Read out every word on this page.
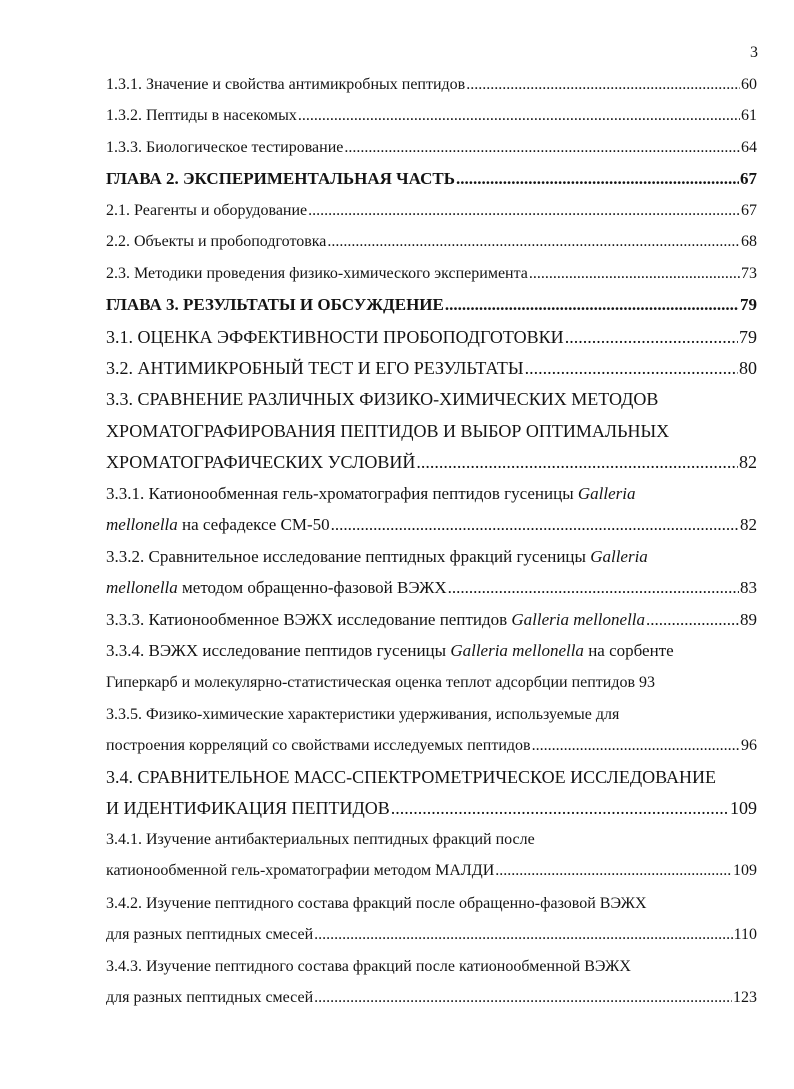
3
1.3.1. Значение и свойства антимикробных пептидов .....	60
1.3.2. Пептиды в насекомых .....	61
1.3.3. Биологическое тестирование .....	64
ГЛАВА 2. ЭКСПЕРИМЕНТАЛЬНАЯ ЧАСТЬ .....	67
2.1. Реагенты и оборудование .....	67
2.2. Объекты и пробоподготовка .....	68
2.3. Методики проведения физико-химического эксперимента .....	73
ГЛАВА 3. РЕЗУЛЬТАТЫ И ОБСУЖДЕНИЕ .....	79
3.1. ОЦЕНКА ЭФФЕКТИВНОСТИ ПРОБОПОДГОТОВКИ .....	79
3.2. АНТИМИКРОБНЫЙ ТЕСТ И ЕГО РЕЗУЛЬТАТЫ .....	80
3.3. СРАВНЕНИЕ РАЗЛИЧНЫХ ФИЗИКО-ХИМИЧЕСКИХ МЕТОДОВ
ХРОМАТОГРАФИРОВАНИЯ ПЕПТИДОВ И ВЫБОР ОПТИМАЛЬНЫХ
ХРОМАТОГРАФИЧЕСКИХ УСЛОВИЙ .....	82
3.3.1. Катионообменная гель-хроматография пептидов гусеницы Galleria
mellonella на сефадексе СМ-50 .....	82
3.3.2. Сравнительное исследование пептидных фракций гусеницы Galleria
mellonella методом обращенно-фазовой ВЭЖХ .....	83
3.3.3. Катионообменное ВЭЖХ исследование пептидов Galleria mellonella .....	89
3.3.4. ВЭЖХ исследование пептидов гусеницы Galleria mellonella на сорбенте
Гиперкарб и молекулярно-статистическая оценка теплот адсорбции пептидов 93
3.3.5. Физико-химические характеристики удерживания, используемые для
построения корреляций со свойствами исследуемых пептидов .....	96
3.4. СРАВНИТЕЛЬНОЕ МАСС-СПЕКТРОМЕТРИЧЕСКОЕ ИССЛЕДОВАНИЕ
И ИДЕНТИФИКАЦИЯ ПЕПТИДОВ .....	109
3.4.1. Изучение антибактериальных пептидных фракций после
катионообменной гель-хроматографии методом МАЛДИ .....	109
3.4.2. Изучение пептидного состава фракций после обращенно-фазовой ВЭЖХ
для разных пептидных смесей .....	110
3.4.3. Изучение пептидного состава фракций после катионообменной ВЭЖХ
для разных пептидных смесей .....	123
